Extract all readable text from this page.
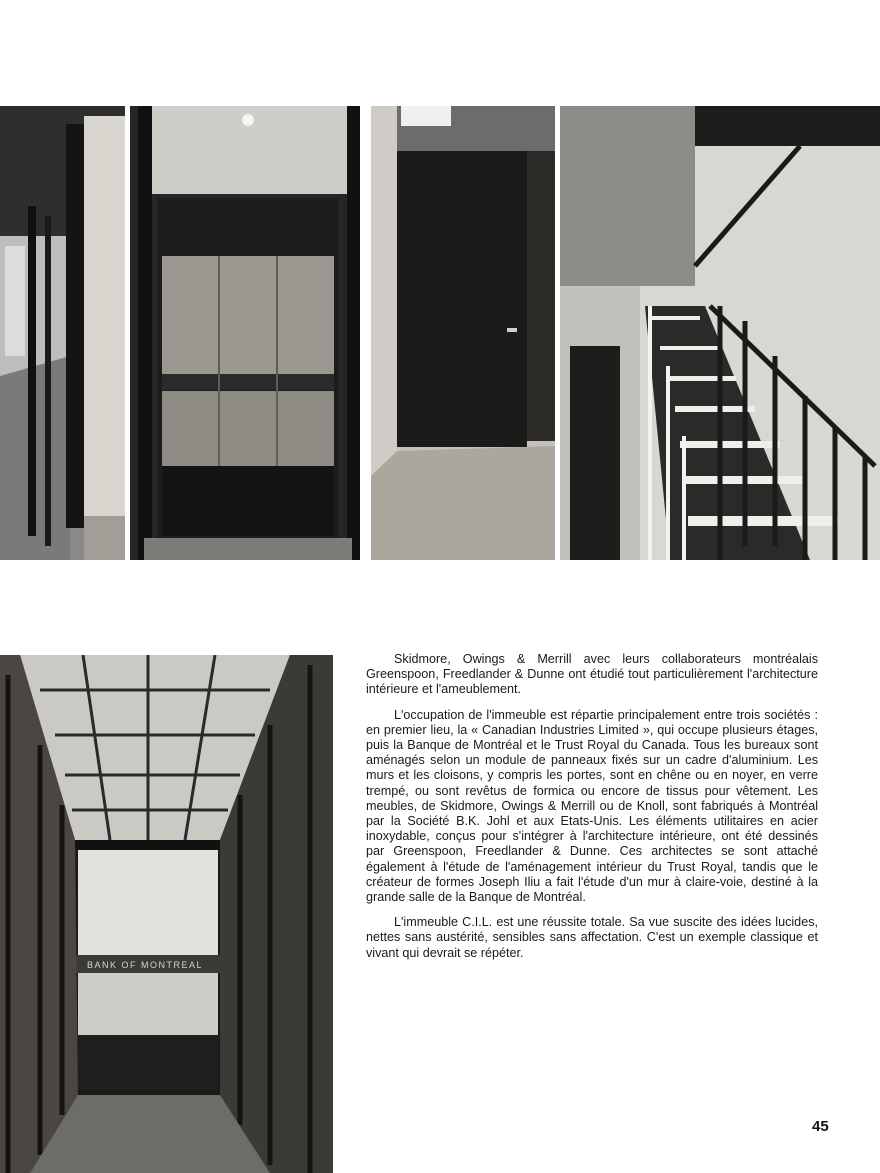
BANK OF MONTREAL

Skidmore, Owings & Merrill avec leurs collaborateurs montréalais Greenspoon, Freedlander & Dunne ont étudié tout particulièrement l'architecture intérieure et l'ameublement.

L'occupation de l'immeuble est répartie principalement entre trois sociétés : en premier lieu, la « Canadian Industries Limited », qui occupe plusieurs étages, puis la Banque de Montréal et le Trust Royal du Canada. Tous les bureaux sont aménagés selon un module de panneaux fixés sur un cadre d'aluminium. Les murs et les cloisons, y compris les portes, sont en chêne ou en noyer, en verre trempé, ou sont revêtus de formica ou encore de tissus pour vêtement. Les meubles, de Skidmore, Owings & Merrill ou de Knoll, sont fabriqués à Montréal par la Société B.K. Johl et aux Etats-Unis. Les éléments utilitaires en acier inoxydable, conçus pour s'intégrer à l'architecture intérieure, ont été dessinés par Greenspoon, Freedlander & Dunne. Ces architectes se sont attaché également à l'étude de l'aménagement intérieur du Trust Royal, tandis que le créateur de formes Joseph Iliu a fait l'étude d'un mur à claire-voie, destiné à la grande salle de la Banque de Montréal.

L'immeuble C.I.L. est une réussite totale. Sa vue suscite des idées lucides, nettes sans austérité, sensibles sans affectation. C'est un exemple classique et vivant qui devrait se répéter.

45
